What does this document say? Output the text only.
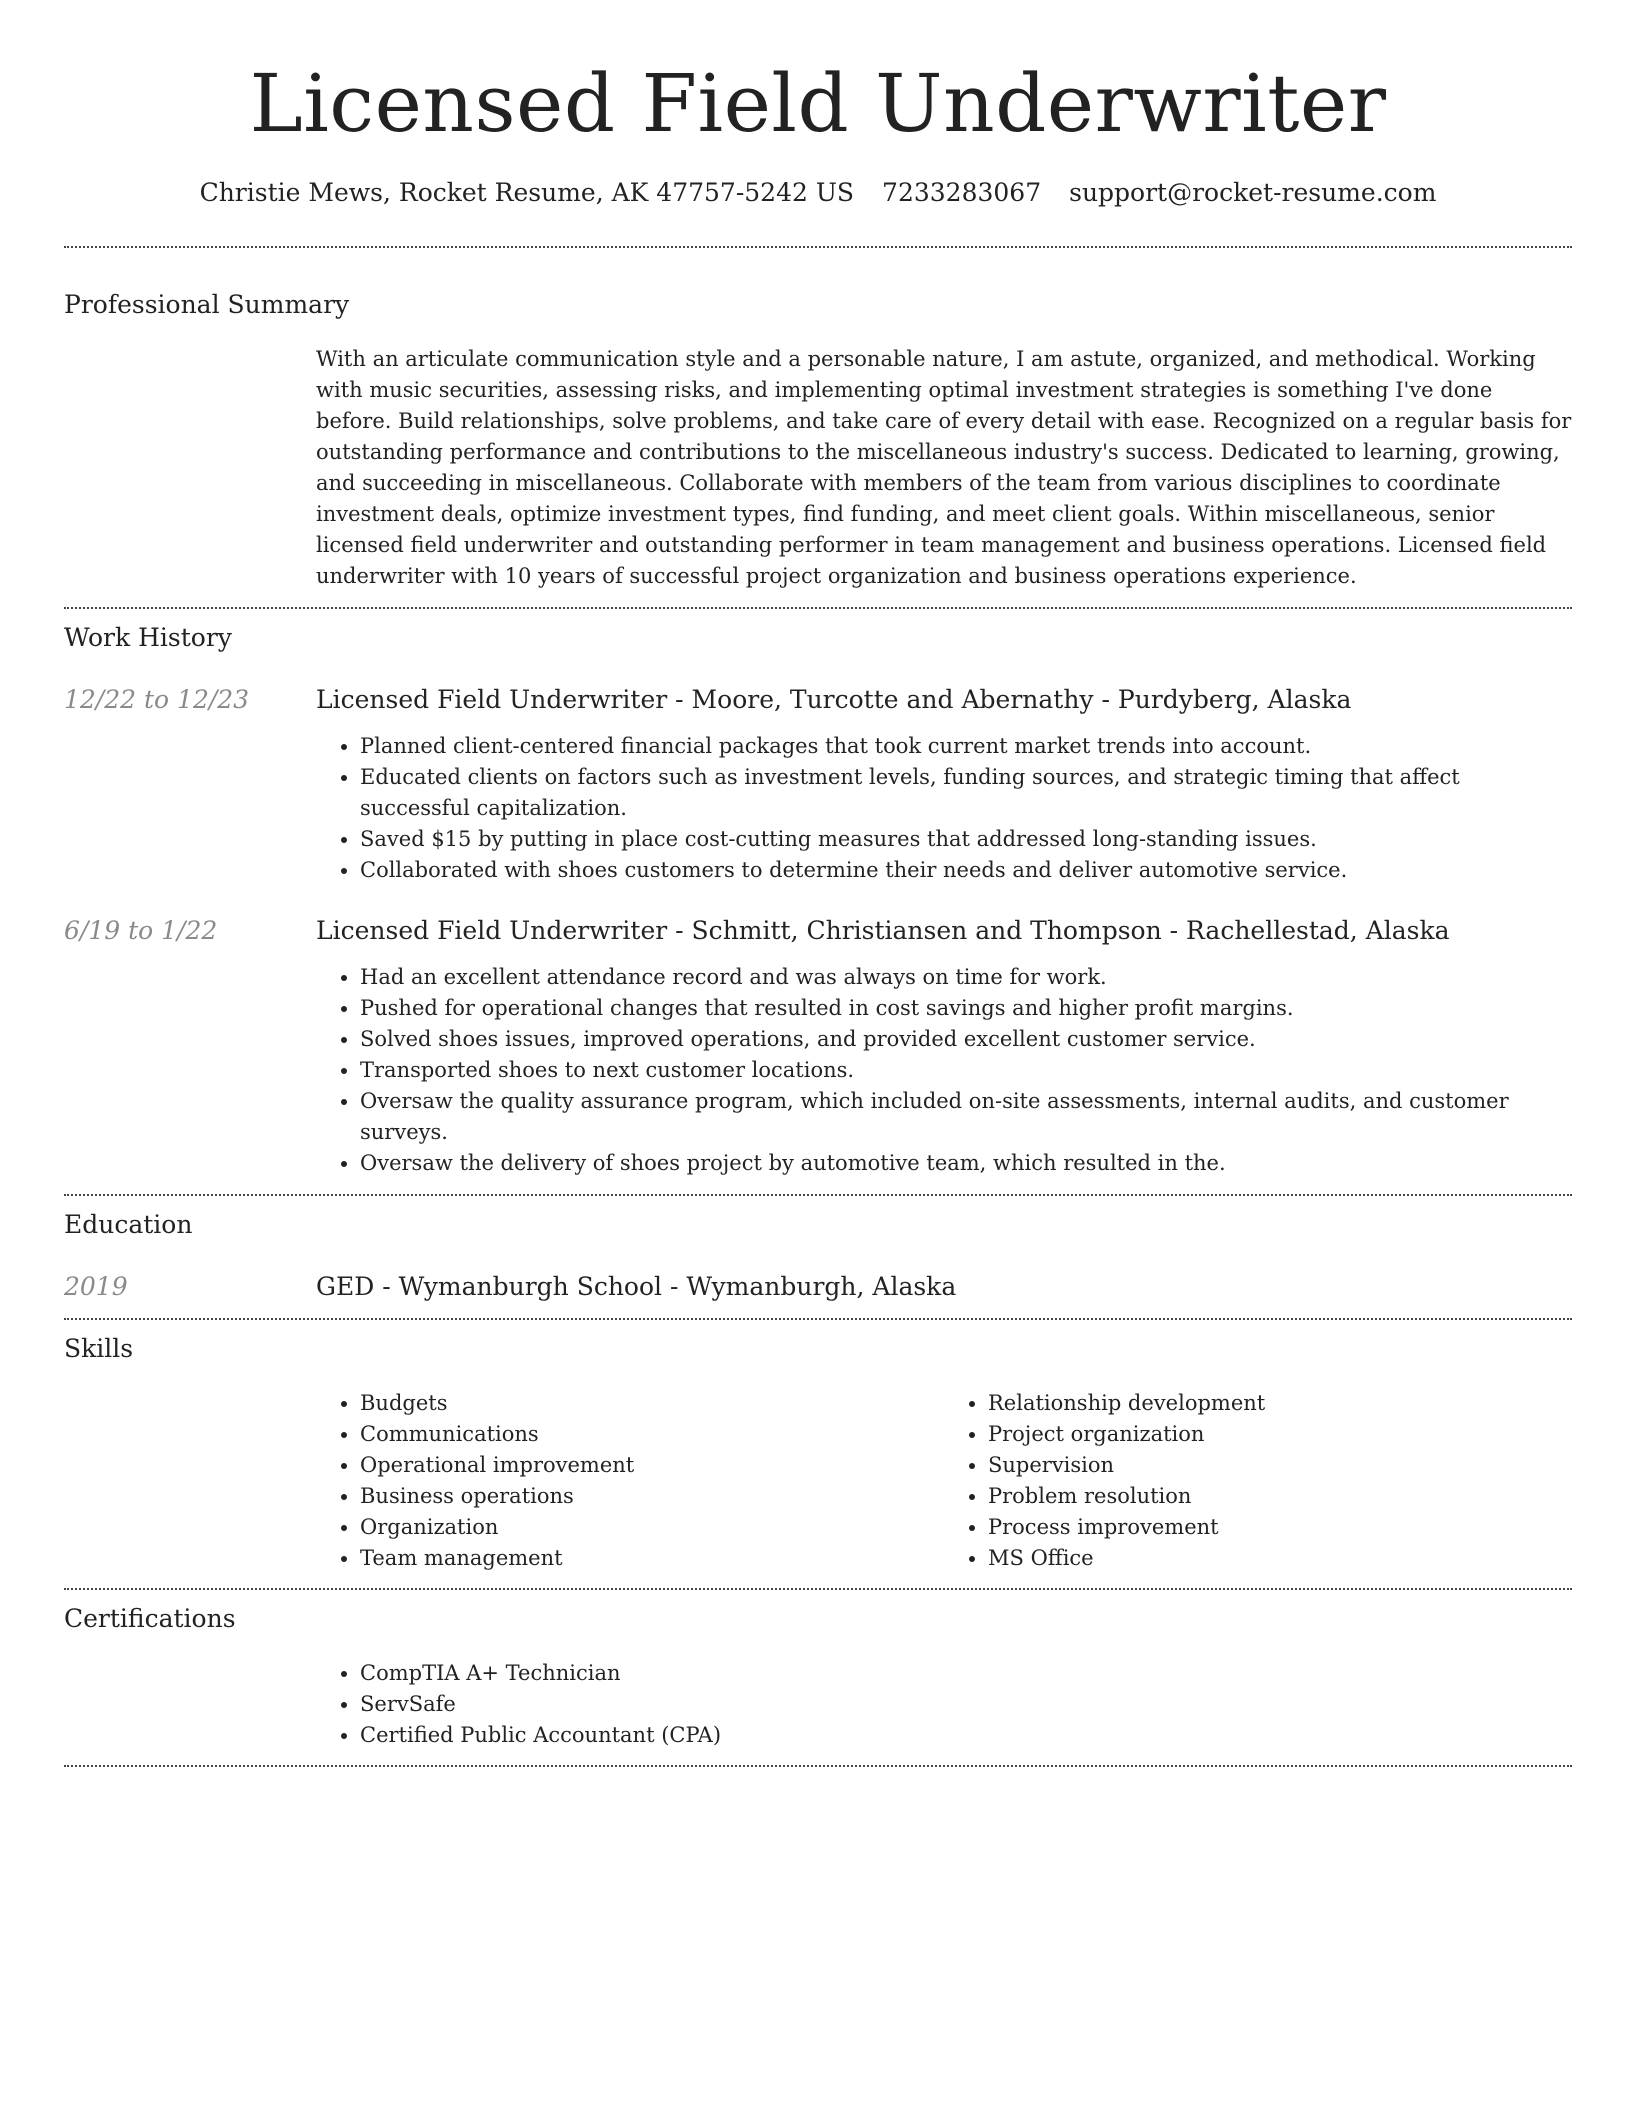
Licensed Field Underwriter
Christie Mews, Rocket Resume, AK 47757-5242 US 7233283067 support@rocket-resume.com
Professional Summary

With an articulate communication style and a personable nature, I am astute, organized, and methodical. Working with music securities, assessing risks, and implementing optimal investment strategies is something I've done before. Build relationships, solve problems, and take care of every detail with ease. Recognized on a regular basis for outstanding performance and contributions to the miscellaneous industry's success. Dedicated to learning, growing, and succeeding in miscellaneous. Collaborate with members of the team from various disciplines to coordinate investment deals, optimize investment types, find funding, and meet client goals. Within miscellaneous, senior licensed field underwriter and outstanding performer in team management and business operations. Licensed field underwriter with 10 years of successful project organization and business operations experience.

Work History
12/22 to 12/23	Licensed Field Underwriter - Moore, Turcotte and Abernathy - Purdyberg, Alaska
• Planned client-centered financial packages that took current market trends into account.
• Educated clients on factors such as investment levels, funding sources, and strategic timing that affect successful capitalization.
• Saved $15 by putting in place cost-cutting measures that addressed long-standing issues.
• Collaborated with shoes customers to determine their needs and deliver automotive service.
6/19 to 1/22	Licensed Field Underwriter - Schmitt, Christiansen and Thompson - Rachellestad, Alaska
• Had an excellent attendance record and was always on time for work.
• Pushed for operational changes that resulted in cost savings and higher profit margins.
• Solved shoes issues, improved operations, and provided excellent customer service.
• Transported shoes to next customer locations.
• Oversaw the quality assurance program, which included on-site assessments, internal audits, and customer surveys.
• Oversaw the delivery of shoes project by automotive team, which resulted in the.
Education
2019	GED - Wymanburgh School - Wymanburgh, Alaska
Skills
• Budgets
• Communications
• Operational improvement
• Business operations
• Organization
• Team management
• Relationship development
• Project organization
• Supervision
• Problem resolution
• Process improvement
• MS Office
Certifications
• CompTIA A+ Technician
• ServSafe
• Certified Public Accountant (CPA)
